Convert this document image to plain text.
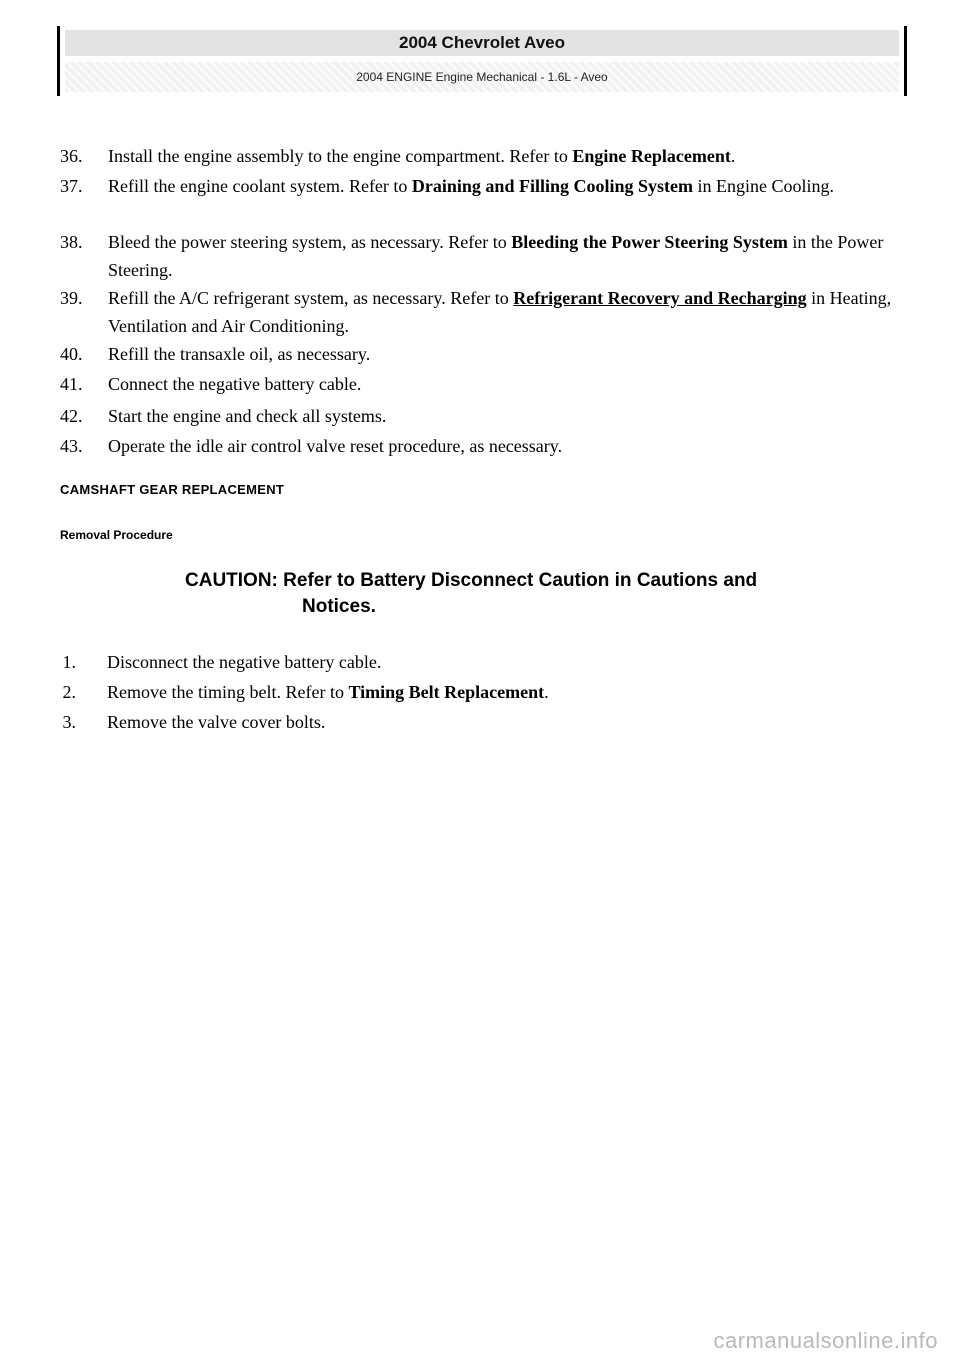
2004 Chevrolet Aveo
2004 ENGINE Engine Mechanical - 1.6L - Aveo
36.	Install the engine assembly to the engine compartment. Refer to Engine Replacement.
37.	Refill the engine coolant system. Refer to Draining and Filling Cooling System in Engine Cooling.
38.	Bleed the power steering system, as necessary. Refer to Bleeding the Power Steering System in the Power Steering.
39.	Refill the A/C refrigerant system, as necessary. Refer to Refrigerant Recovery and Recharging in Heating, Ventilation and Air Conditioning.
40.	Refill the transaxle oil, as necessary.
41.	Connect the negative battery cable.
42.	Start the engine and check all systems.
43.	Operate the idle air control valve reset procedure, as necessary.
CAMSHAFT GEAR REPLACEMENT
Removal Procedure
CAUTION: Refer to Battery Disconnect Caution in Cautions and
Notices.
1. Disconnect the negative battery cable.
2. Remove the timing belt. Refer to Timing Belt Replacement.
3. Remove the valve cover bolts.
carmanualsonline.info
